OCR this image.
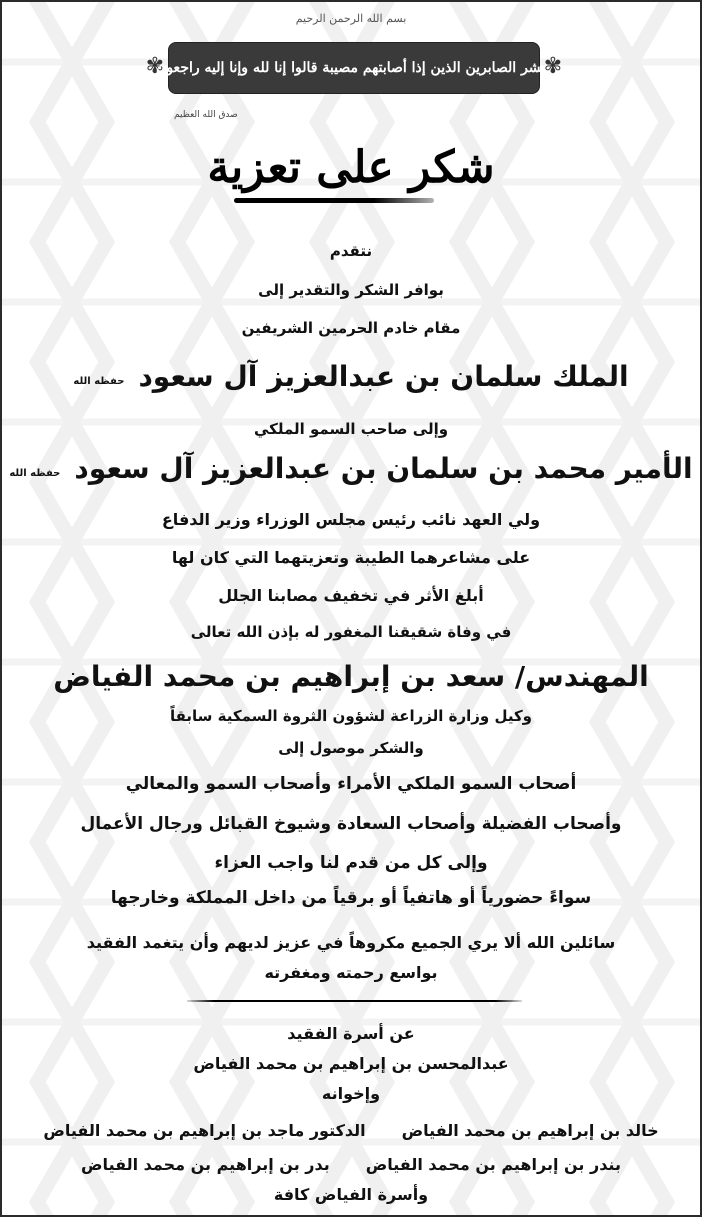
بسم الله الرحمن الرحيم
✾
وبشر الصابرين الذين إذا أصابتهم مصيبة قالوا إنا لله وإنا إليه راجعون
✾
صدق الله العظيم
شكر على تعزية
نتقدم
بوافر الشكر والتقدير إلى
مقام خادم الحرمين الشريفين
الملك سلمان بن عبدالعزيز آل سعودحفظه الله
وإلى صاحب السمو الملكي
الأمير محمد بن سلمان بن عبدالعزيز آل سعودحفظه الله
ولي العهد نائب رئيس مجلس الوزراء وزير الدفاع
على مشاعرهما الطيبة وتعزيتهما التي كان لها
أبلغ الأثر في تخفيف مصابنا الجلل
في وفاة شقيقنا المغفور له بإذن الله تعالى
المهندس/ سعد بن إبراهيم بن محمد الفياض
وكيل وزارة الزراعة لشؤون الثروة السمكية سابقاً
والشكر موصول إلى
أصحاب السمو الملكي الأمراء وأصحاب السمو والمعالي
وأصحاب الفضيلة وأصحاب السعادة وشيوخ القبائل ورجال الأعمال
وإلى كل من قدم لنا واجب العزاء
سواءً حضورياً أو هاتفياً أو برقياً من داخل المملكة وخارجها
سائلين الله ألا يري الجميع مكروهاً في عزيز لديهم وأن يتغمد الفقيد
بواسع رحمته ومغفرته
عن أسرة الفقيد
عبدالمحسن بن إبراهيم بن محمد الفياض
وإخوانه
خالد بن إبراهيم بن محمد الفياض
الدكتور ماجد بن إبراهيم بن محمد الفياض
بندر بن إبراهيم بن محمد الفياض
بدر بن إبراهيم بن محمد الفياض
وأسرة الفياض كافة
